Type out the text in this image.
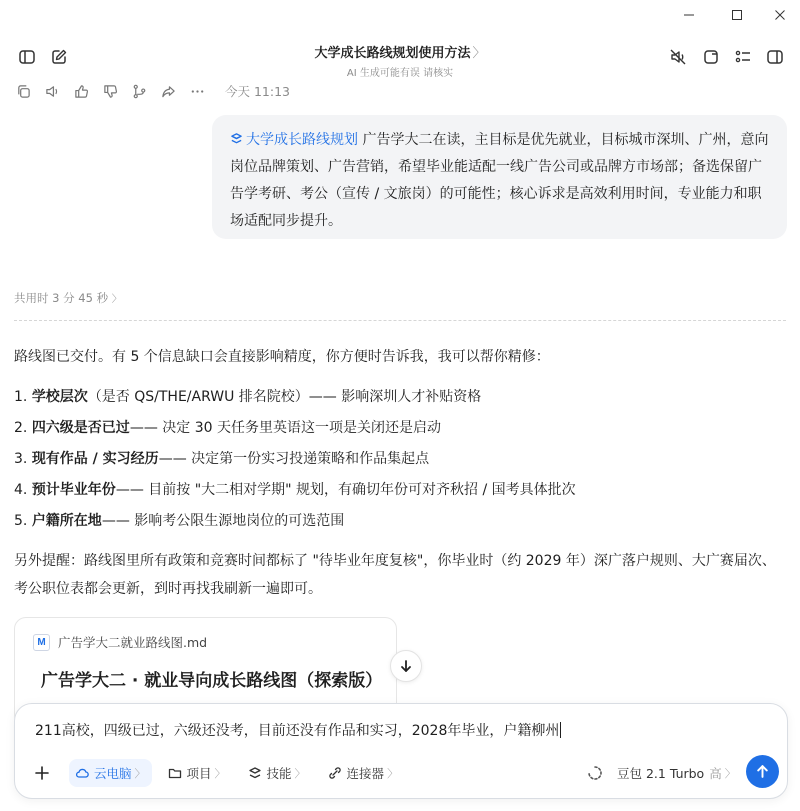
大学成长路线规划使用方法 〉
AI 生成可能有误 请核实
今天 11:13
大学成长路线规划 广告学大二在读，主目标是优先就业，目标城市深圳、广州，意向岗位品牌策划、广告营销，希望毕业能适配一线广告公司或品牌方市场部；备选保留广告学考研、考公（宣传 / 文旅岗）的可能性；核心诉求是高效利用时间，专业能力和职场适配同步提升。
共用时 3 分 45 秒 〉
路线图已交付。有 5 个信息缺口会直接影响精度，你方便时告诉我，我可以帮你精修：
1. 学校层次（是否 QS/THE/ARWU 排名院校）—— 影响深圳人才补贴资格
2. 四六级是否已过—— 决定 30 天任务里英语这一项是关闭还是启动
3. 现有作品 / 实习经历—— 决定第一份实习投递策略和作品集起点
4. 预计毕业年份—— 目前按 "大二相对学期" 规划，有确切年份可对齐秋招 / 国考具体批次
5. 户籍所在地—— 影响考公限生源地岗位的可选范围
另外提醒：路线图里所有政策和竞赛时间都标了 "待毕业年度复核"，你毕业时（约 2029 年）深广落户规则、大广赛届次、考公职位表都会更新，到时再找我刷新一遍即可。
M 广告学大二就业路线图.md
广告学大二 · 就业导向成长路线图（探索版）
211高校，四级已过，六级还没考，目前还没有作品和实习，2028年毕业，户籍柳州
云电脑 〉	项目 〉	技能 〉	连接器 〉	豆包 2.1 Turbo 高 〉
